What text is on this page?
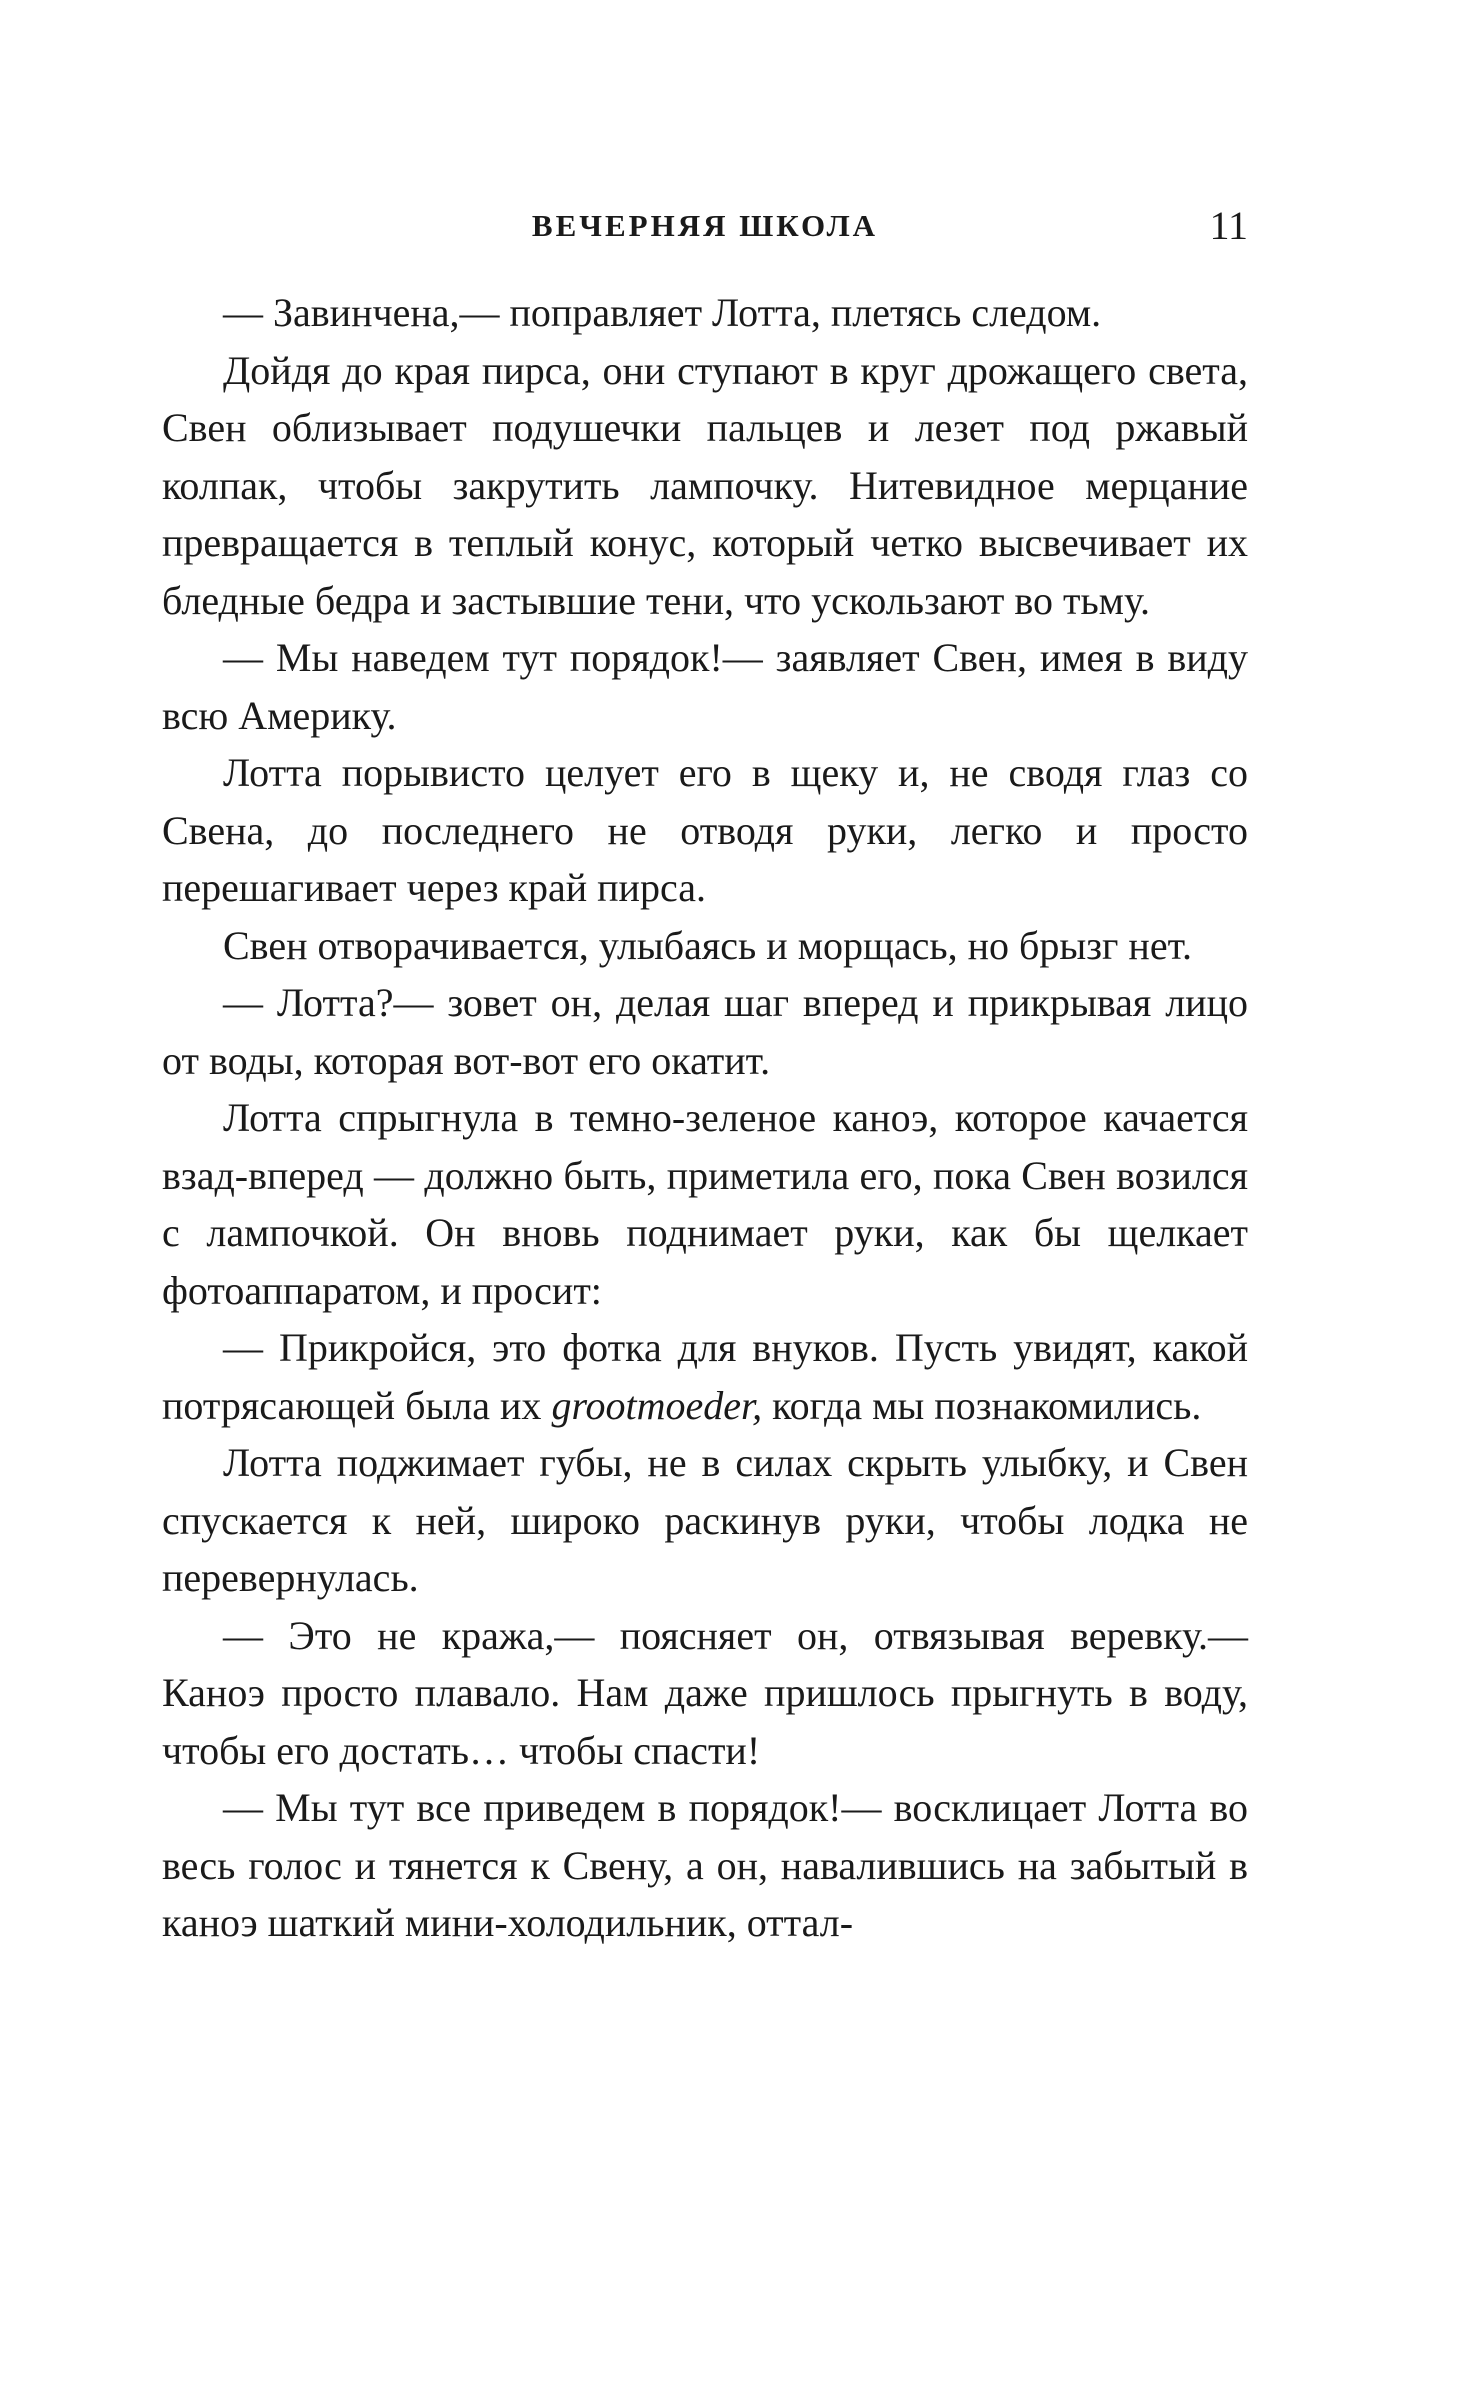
ВЕЧЕРНЯЯ ШКОЛА	11

— Завинчена,— поправляет Лотта, плетясь следом.

Дойдя до края пирса, они ступают в круг дрожащего света, Свен облизывает подушечки пальцев и лезет под ржавый колпак, чтобы закрутить лампочку. Нитевидное мерцание превращается в теплый конус, который четко высвечивает их бледные бедра и застывшие тени, что ускользают во тьму.

— Мы наведем тут порядок!— заявляет Свен, имея в виду всю Америку.

Лотта порывисто целует его в щеку и, не сводя глаз со Свена, до последнего не отводя руки, легко и просто перешагивает через край пирса.

Свен отворачивается, улыбаясь и морщась, но брызг нет.

— Лотта?— зовет он, делая шаг вперед и прикрывая лицо от воды, которая вот-вот его окатит.

Лотта спрыгнула в темно-зеленое каноэ, которое качается взад-вперед — должно быть, приметила его, пока Свен возился с лампочкой. Он вновь поднимает руки, как бы щелкает фотоаппаратом, и просит:

— Прикройся, это фотка для внуков. Пусть увидят, какой потрясающей была их grootmoeder, когда мы познакомились.

Лотта поджимает губы, не в силах скрыть улыбку, и Свен спускается к ней, широко раскинув руки, чтобы лодка не перевернулась.

— Это не кража,— поясняет он, отвязывая веревку.— Каноэ просто плавало. Нам даже пришлось прыгнуть в воду, чтобы его достать… чтобы спасти!

— Мы тут все приведем в порядок!— восклицает Лотта во весь голос и тянется к Свену, а он, навалившись на забытый в каноэ шаткий мини-холодильник, оттал-
